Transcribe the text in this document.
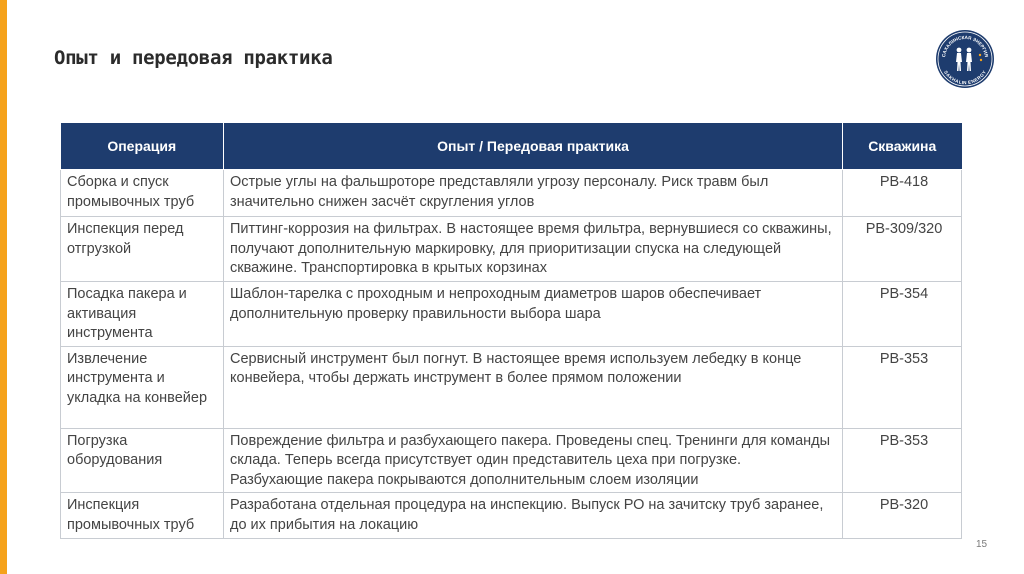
Опыт и передовая практика	САХАЛИНСКАЯ ЭНЕРГИЯ
SAKHALIN ENERGY
Операция	Опыт / Передовая практика	Скважина
Сборка и спуск промывочных труб	Острые углы на фальшроторе представляли угрозу персоналу. Риск травм был значительно снижен засчёт скругления углов	PB-418
Инспекция перед отгрузкой	Питтинг-коррозия на фильтрах. В настоящее время фильтра, вернувшиеся со скважины, получают дополнительную маркировку, для приоритизации спуска на следующей скважине. Транспортировка в крытых корзинах	PB-309/320
Посадка пакера и активация инструмента	Шаблон-тарелка с проходным и непроходным диаметров шаров обеспечивает дополнительную проверку правильности выбора шара	PB-354
Извлечение инструмента и укладка на конвейер	Сервисный инструмент был погнут. В настоящее время используем лебедку в конце конвейера, чтобы держать инструмент в более прямом положении	PB-353
Погрузка оборудования	Повреждение фильтра и разбухающего пакера. Проведены спец. Тренинги для команды склада. Теперь всегда присутствует один представитель цеха при погрузке. Разбухающие пакера покрываются дополнительным слоем изоляции	PB-353
Инспекция промывочных труб	Разработана отдельная процедура на инспекцию. Выпуск РО на зачитску труб заранее, до их прибытия на локацию	PB-320
15
